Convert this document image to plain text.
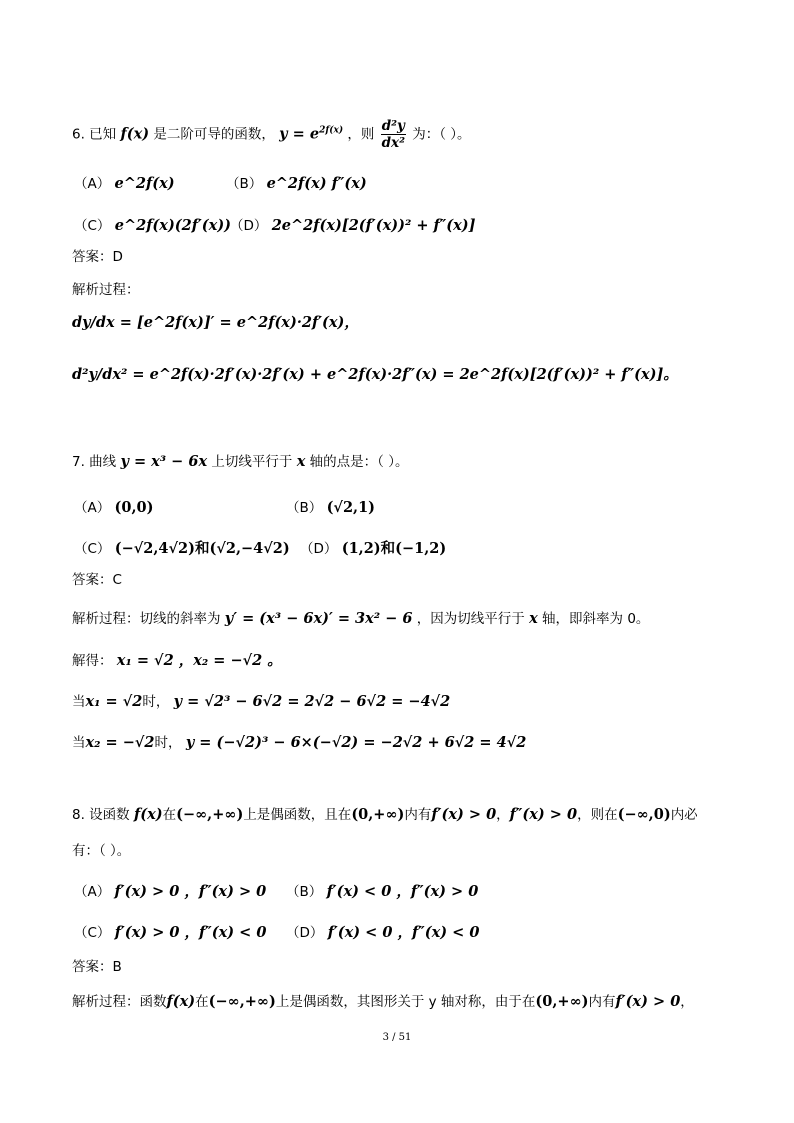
6. 已知 f(x) 是二阶可导的函数， $y = e^{2f(x)}$ ，则 $\frac{\text{d²y}}{\text{dx²}}$ 为：（ ）。
（A） e^2f(x)	（B） e^2f(x) f″(x)
（C） e^2f(x)(2f′(x))
（D） 2e^2f(x)[2(f′(x))² + f″(x)]
答案：D
解析过程：
dy/dx = [e^2f(x)]′ = e^2f(x)·2f′(x)，
d²y/dx² = e^2f(x)·2f′(x)·2f′(x) + e^2f(x)·2f″(x) = 2e^2f(x)[2(f′(x))² + f″(x)]。
7. 曲线 y = x³ − 6x 上切线平行于 x 轴的点是：（ ）。
（A） (0,0)	（B） (√2,1)
（C） (−√2,4√2)和(√2,−4√2) （D） (1,2)和(−1,2)
答案：C
解析过程：切线的斜率为 y′ = (x³ − 6x)′ = 3x² − 6 ，因为切线平行于 x 轴，即斜率为 0。
解得： x₁ = √2 ，x₂ = −√2 。
当x₁ = √2时， y = √2³ − 6√2 = 2√2 − 6√2 = −4√2
当x₂ = −√2时， y = (−√2)³ − 6×(−√2) = −2√2 + 6√2 = 4√2
8. 设函数 f(x)在(−∞,+∞)上是偶函数，且在(0,+∞)内有f′(x) > 0，f″(x) > 0，则在(−∞,0)内必
有：（ ）。
（A） f′(x) > 0 ，f″(x) > 0 （B） f′(x) < 0 ，f″(x) > 0
（C） f′(x) > 0 ，f″(x) < 0 （D） f′(x) < 0 ，f″(x) < 0
答案：B
解析过程：函数f(x)在(−∞,+∞)上是偶函数，其图形关于 y 轴对称，由于在(0,+∞)内有f′(x) > 0，
3 / 51
